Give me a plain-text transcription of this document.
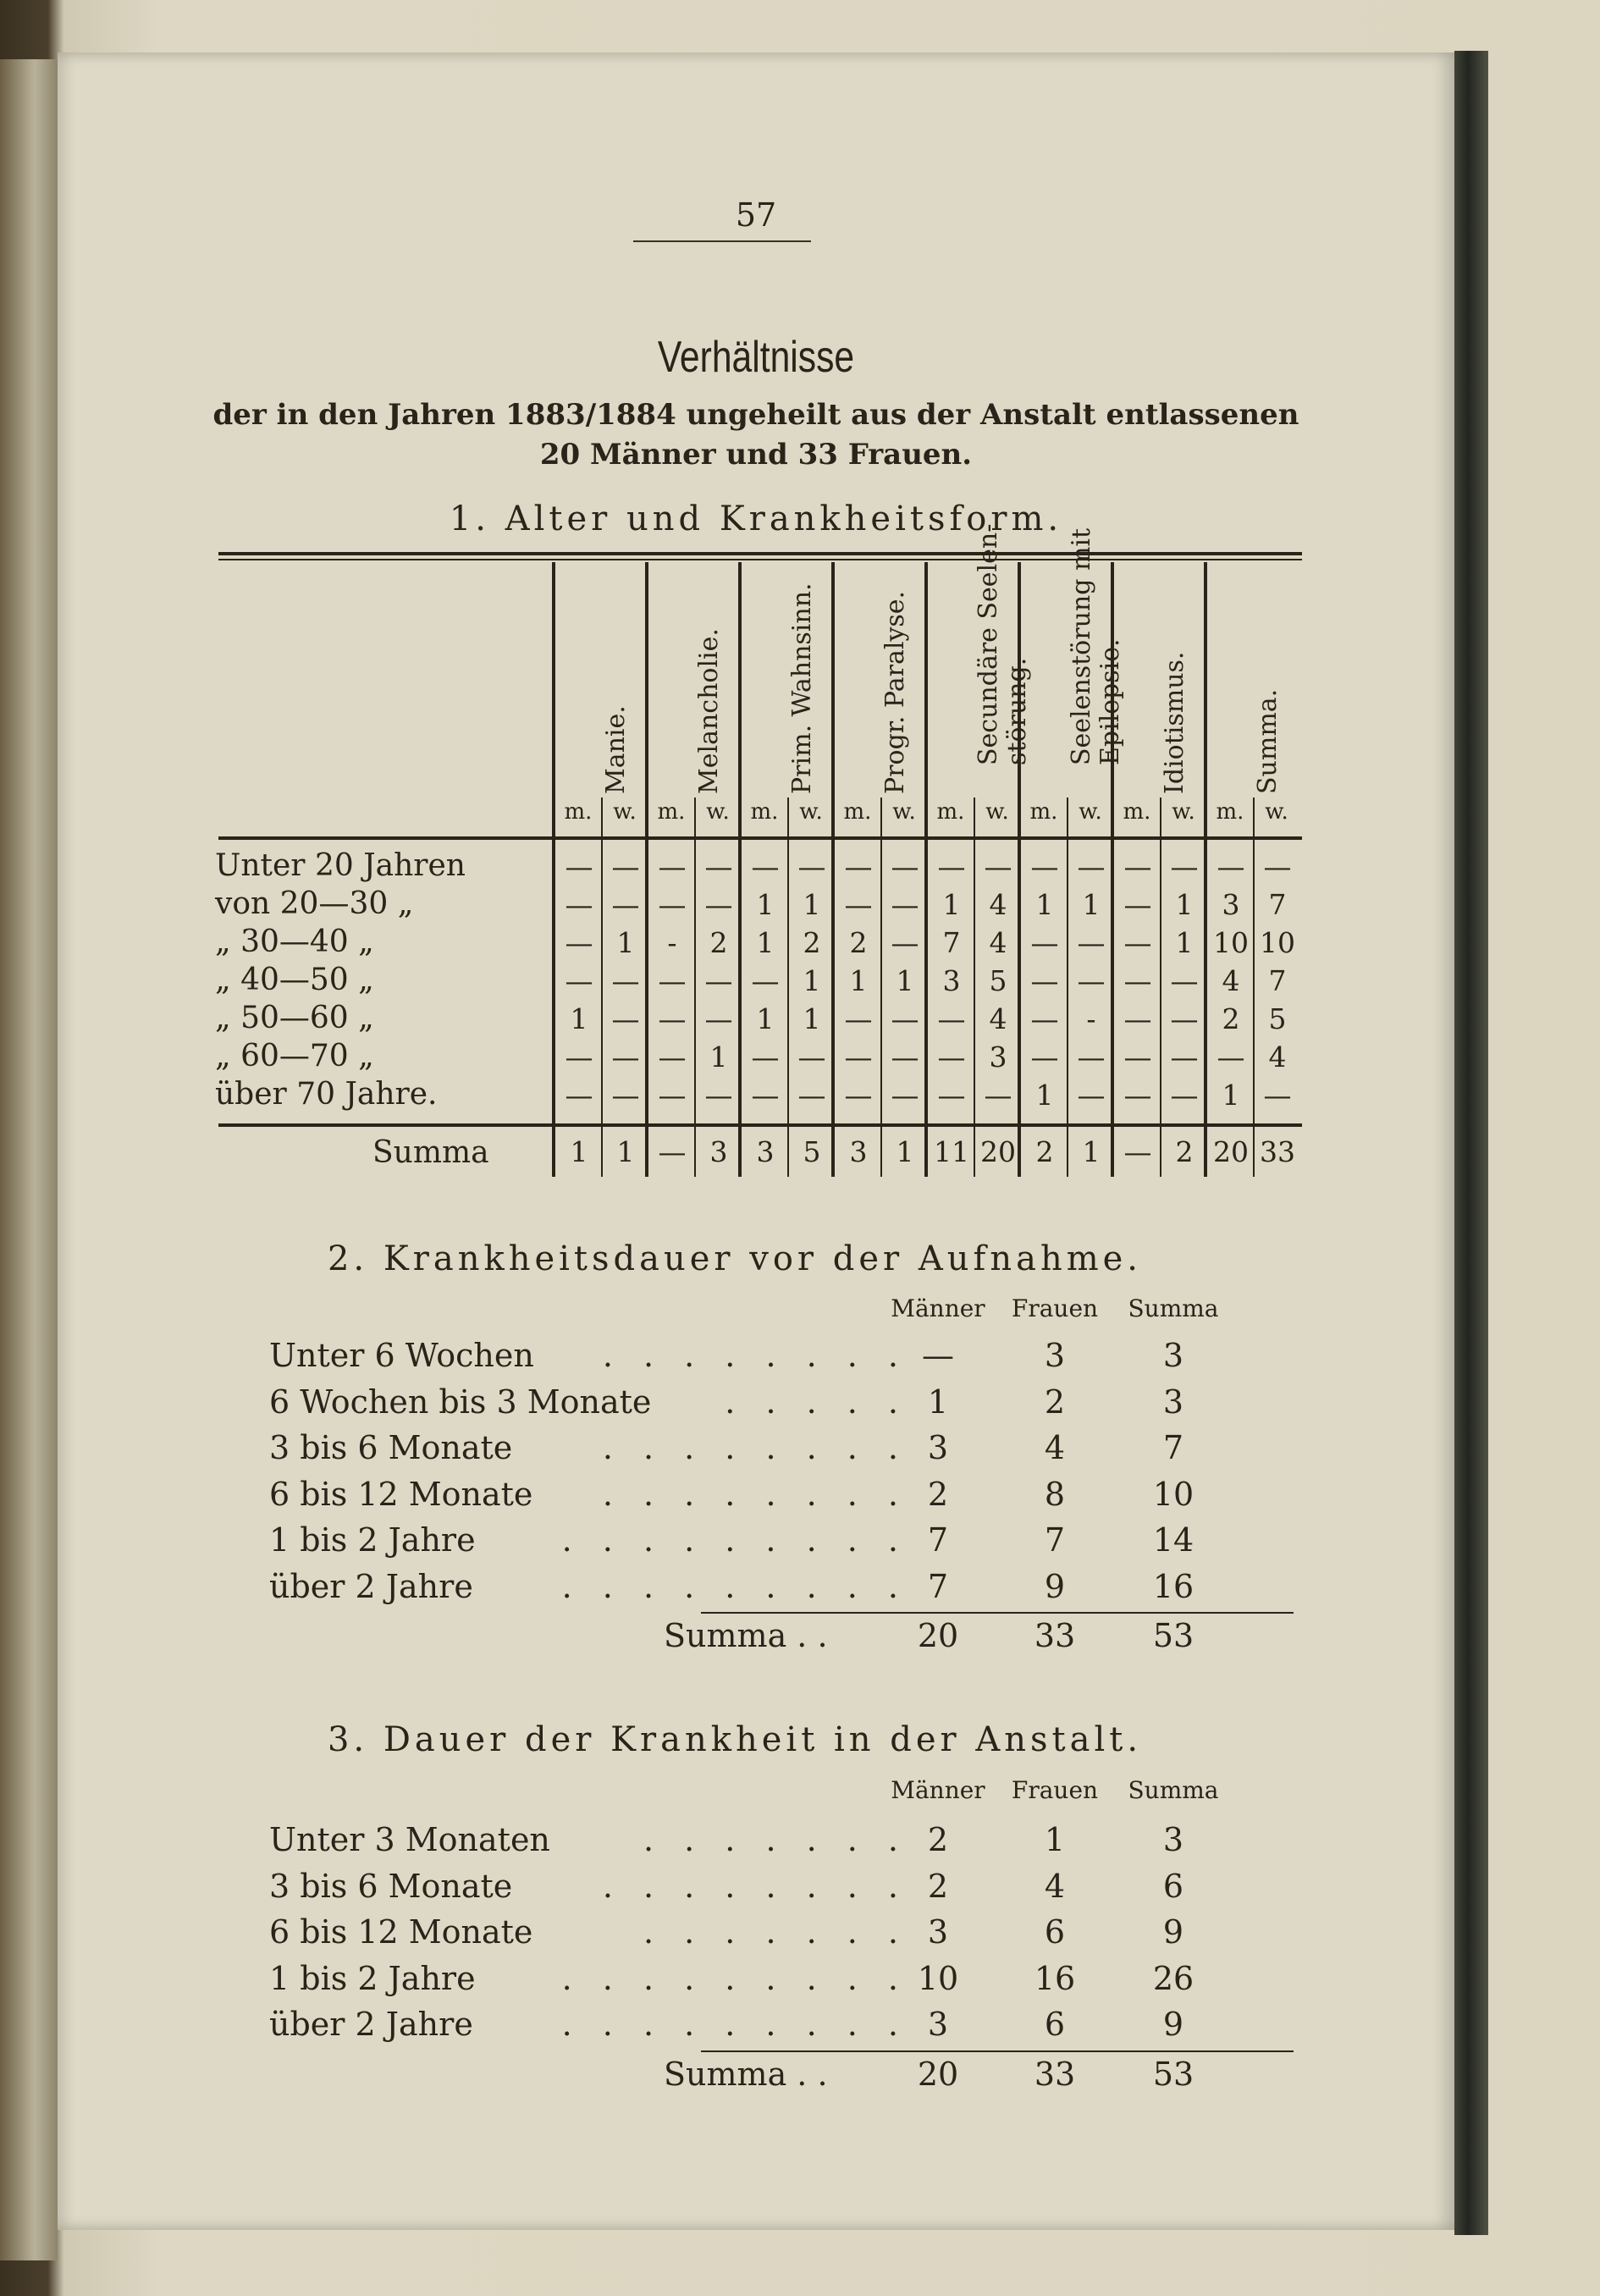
57
Verhältnisse
der in den Jahren 1883/1884 ungeheilt aus der Anstalt entlassenen
20 Männer und 33 Frauen.
1. Alter und Krankheitsform.
Manie.
m. w.
Melancholie.
m. w.
Prim. Wahnsinn.
m. w.
Progr. Paralyse.
m. w.
Secundäre Seelen-
störung.
m. w.
Seelenstörung mit
Epilepsie.
m. w.
Idiotismus.
m. w.
Summa.
m. w.
Unter 20 Jahren	— — — — — — — — — — — — — — — —
von 20—30 „	— — — — 1	1 — — 1	4	1	1 — 1	3	7
„ 30—40 „	— 1	-	2	1	2	2 — 7	4 — — — 1 10 10
„ 40—50 „	— — — — — 1	1	1	3	5 — — — — 4	7
„ 50—60 „	1 — — — 1	1 — — — 4 — - — — 2	5
„ 60—70 „	— — — 1 — — — — — 3 — — — — — 4
über 70 Jahre.	— — — — — — — — — — 1 — — — 1 —
Summa	1	1 — 3	3	5	3	1 11 20 2	1 — 2 20 33
2. Krankheitsdauer vor der Aufnahme.
Männer	Frauen	Summa
Unter 6 Wochen . . . . . . . . —	3	3
6 Wochen bis 3 Monate . . . . . 1	2	3
3 bis 6 Monate	. . . . . . . . 3	4	7
6 bis 12 Monate . . . . . . . . 2	8	10
1 bis 2 Jahre	. . . . . . . . . 7	7	14
über 2 Jahre	. . . . . . . . . 7	9	16
Summa . .	20	33	53
3. Dauer der Krankheit in der Anstalt.
Männer	Frauen	Summa
Unter 3 Monaten	. . . . . . . 2	1	3
3 bis 6 Monate	. . . . . . . . 2	4	6
6 bis 12 Monate	. . . . . . . 3	6	9
1 bis 2 Jahre	. . . . . . . . . 10	16	26
über 2 Jahre	. . . . . . . . . 3	6	9
Summa . .	20	33	53
